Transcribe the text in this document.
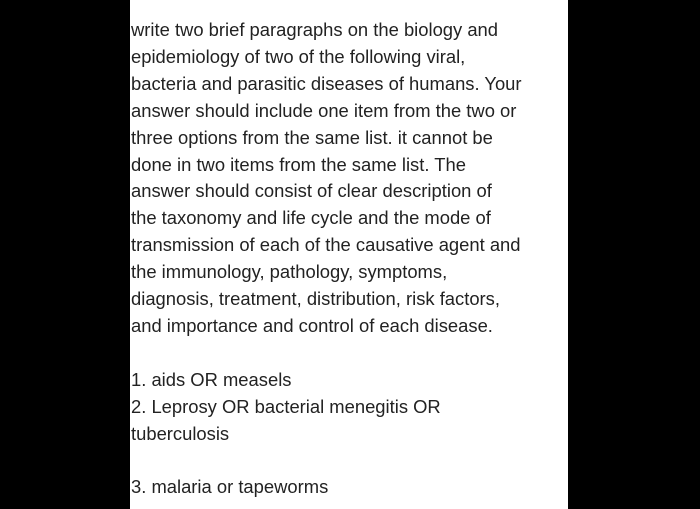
write two brief paragraphs on the biology and
epidemiology of two of the following viral,
bacteria and parasitic diseases of humans. Your
answer should include one item from the two or
three options from the same list. it cannot be
done in two items from the same list. The
answer should consist of clear description of
the taxonomy and life cycle and the mode of
transmission of each of the causative agent and
the immunology, pathology, symptoms,
diagnosis, treatment, distribution, risk factors,
and importance and control of each disease.
1. aids OR measels
2. Leprosy OR bacterial menegitis OR
tuberculosis
3. malaria or tapeworms
